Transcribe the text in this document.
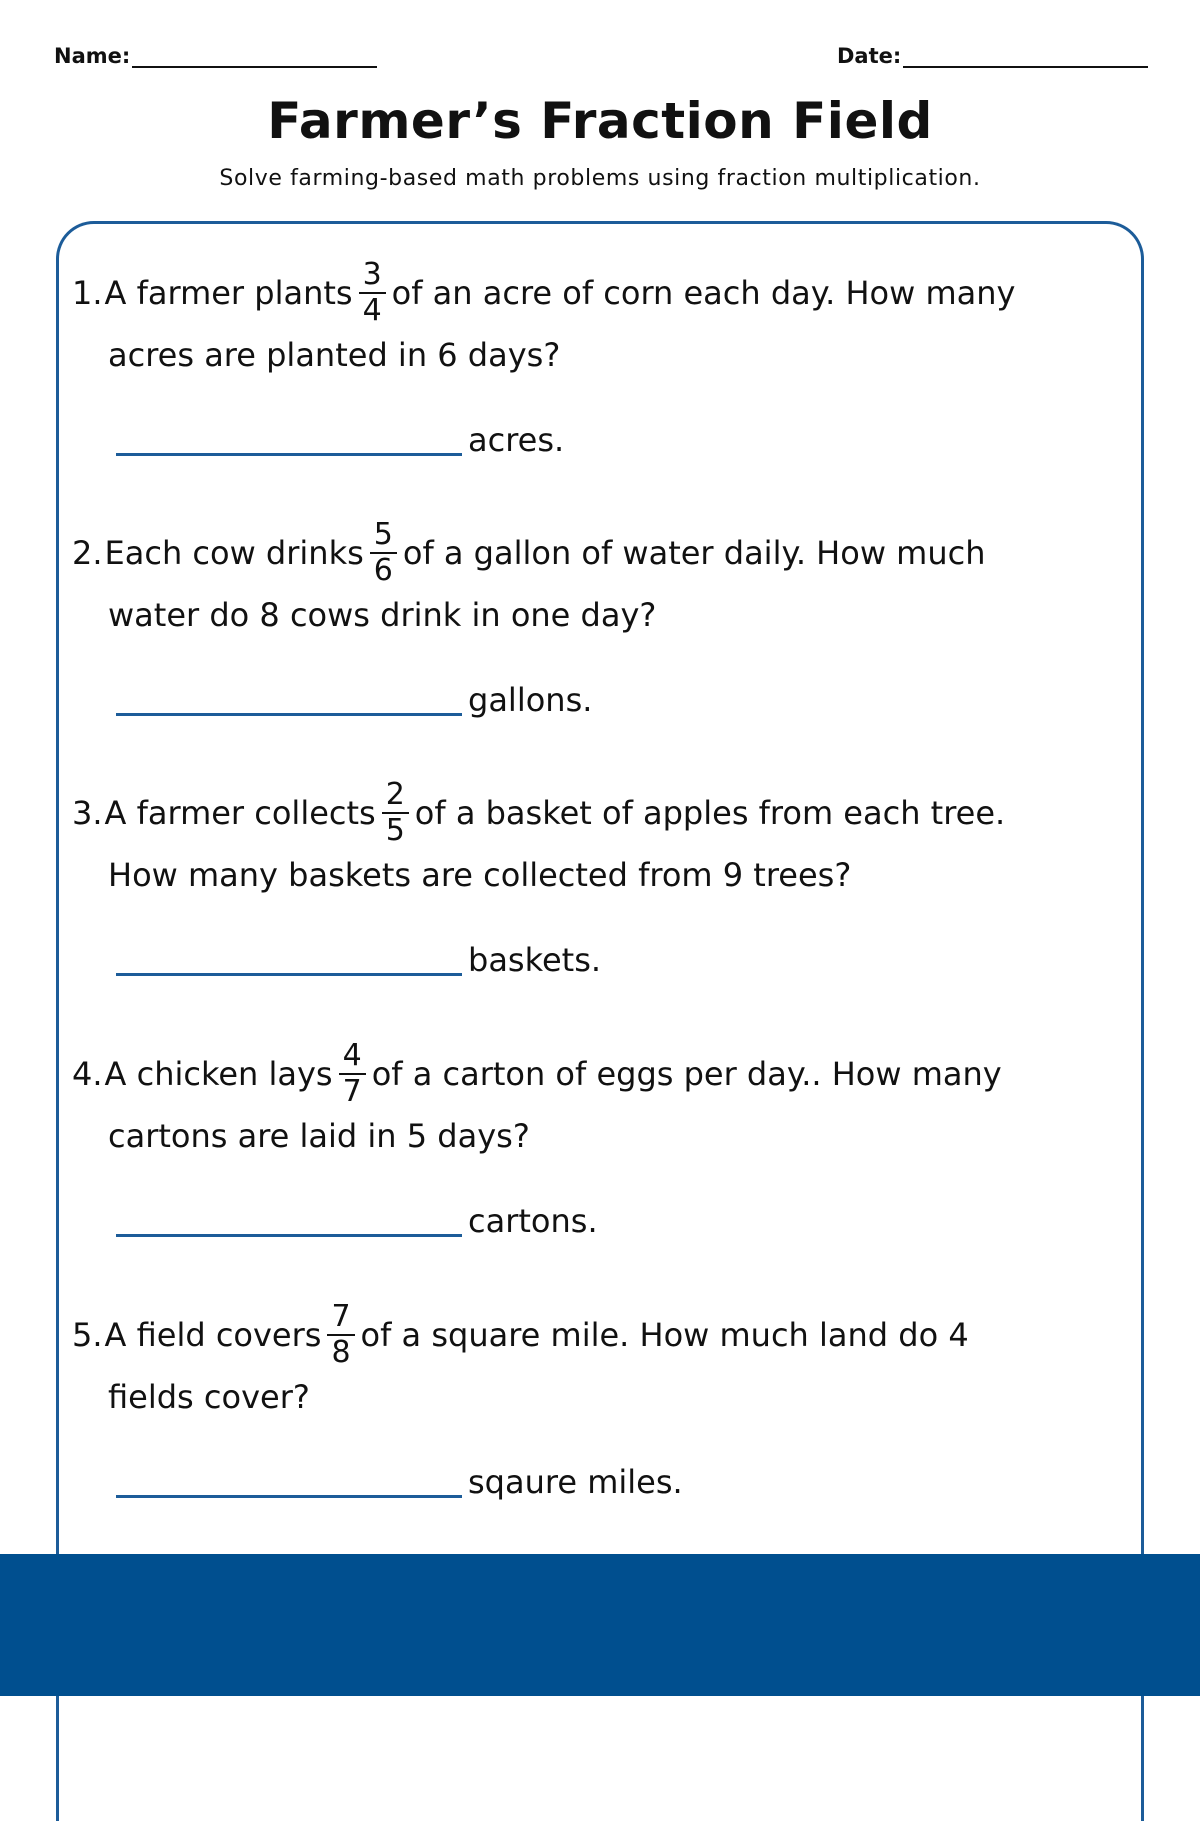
Name:	Date:
Farmer’s Fraction Field
Solve farming-based math problems using fraction multiplication.
1. A farmer plants $\frac{3}{4}$ of an acre of corn each day. How many
acres are planted in 6 days?
acres.
2. Each cow drinks $\frac{5}{6}$ of a gallon of water daily. How much
water do 8 cows drink in one day?
gallons.
3. A farmer collects $\frac{2}{5}$ of a basket of apples from each tree.
How many baskets are collected from 9 trees?
baskets.
4. A chicken lays $\frac{4}{7}$ of a carton of eggs per day.. How many
cartons are laid in 5 days?
cartons.
5. A field covers $\frac{7}{8}$ of a square mile. How much land do 4
fields cover?
sqaure miles.
